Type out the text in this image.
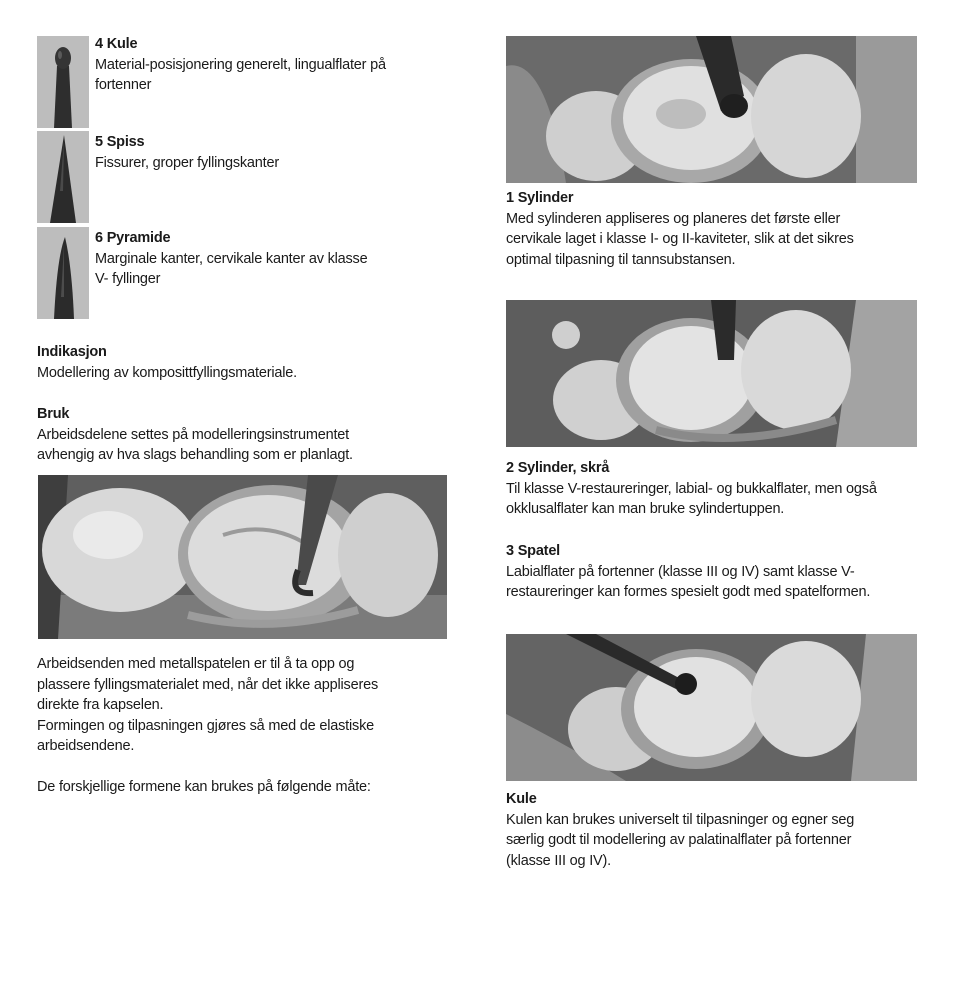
4 Kule
Material-posisjonering generelt, lingualflater på
fortenner
5 Spiss
Fissurer, groper fyllingskanter
6 Pyramide
Marginale kanter, cervikale kanter av klasse
V- fyllinger
Indikasjon
Modellering av komposittfyllingsmateriale.
Bruk
Arbeidsdelene settes på modelleringsinstrumentet
avhengig av hva slags behandling som er planlagt.
Arbeidsenden med metallspatelen er til å ta opp og
plassere fyllingsmaterialet med, når det ikke appliseres
direkte fra kapselen.
Formingen og tilpasningen gjøres så med de elastiske
arbeidsendene.
De forskjellige formene kan brukes på følgende måte:
1 Sylinder
Med sylinderen appliseres og planeres det første eller
cervikale laget i klasse I- og II-kaviteter, slik at det sikres
optimal tilpasning til tannsubstansen.
2 Sylinder, skrå
Til klasse V-restaureringer, labial- og bukkalflater, men også
okklusalflater kan man bruke sylindertuppen.
3 Spatel
Labialflater på fortenner (klasse III og IV) samt klasse V-
restaureringer kan formes spesielt godt med spatelformen.
Kule
Kulen kan brukes universelt til tilpasninger og egner seg
særlig godt til modellering av palatinalflater på fortenner
(klasse III og IV).
